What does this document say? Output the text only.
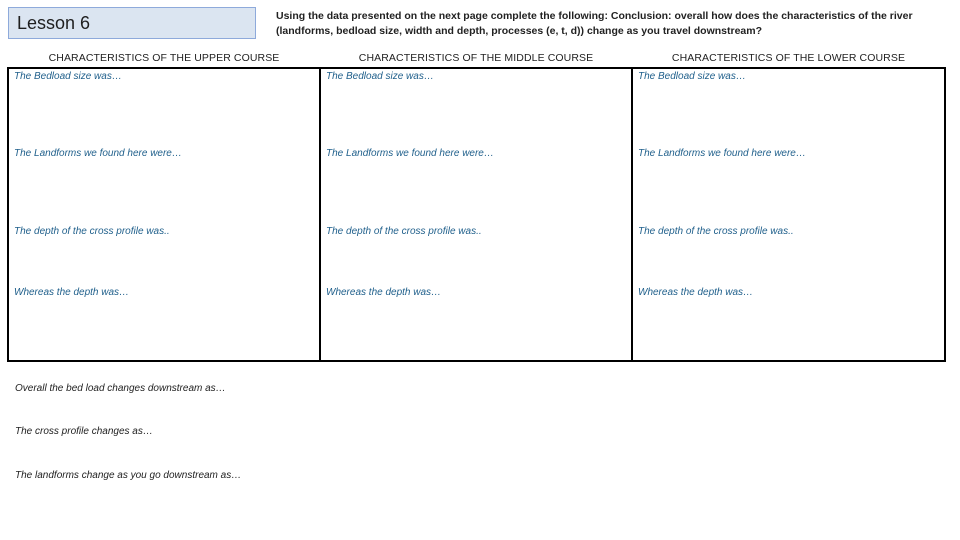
Lesson 6	Using the data presented on the next page complete the following: Conclusion: overall how does the characteristics of the river (landforms, bedload size, width and depth, processes (e, t, d)) change as you travel downstream?
CHARACTERISTICS OF THE UPPER COURSE
The Bedload size was…
The Landforms we found here were…
The depth of the cross profile was..
Whereas the depth was…
CHARACTERISTICS OF THE MIDDLE COURSE
The Bedload size was…
The Landforms we found here were…
The depth of the cross profile was..
Whereas the depth was…
CHARACTERISTICS OF THE LOWER COURSE
The Bedload size was…
The Landforms we found here were…
The depth of the cross profile was..
Whereas the depth was…
Overall the bed load changes downstream as…
The cross profile changes as…
The landforms change as you go downstream as…
